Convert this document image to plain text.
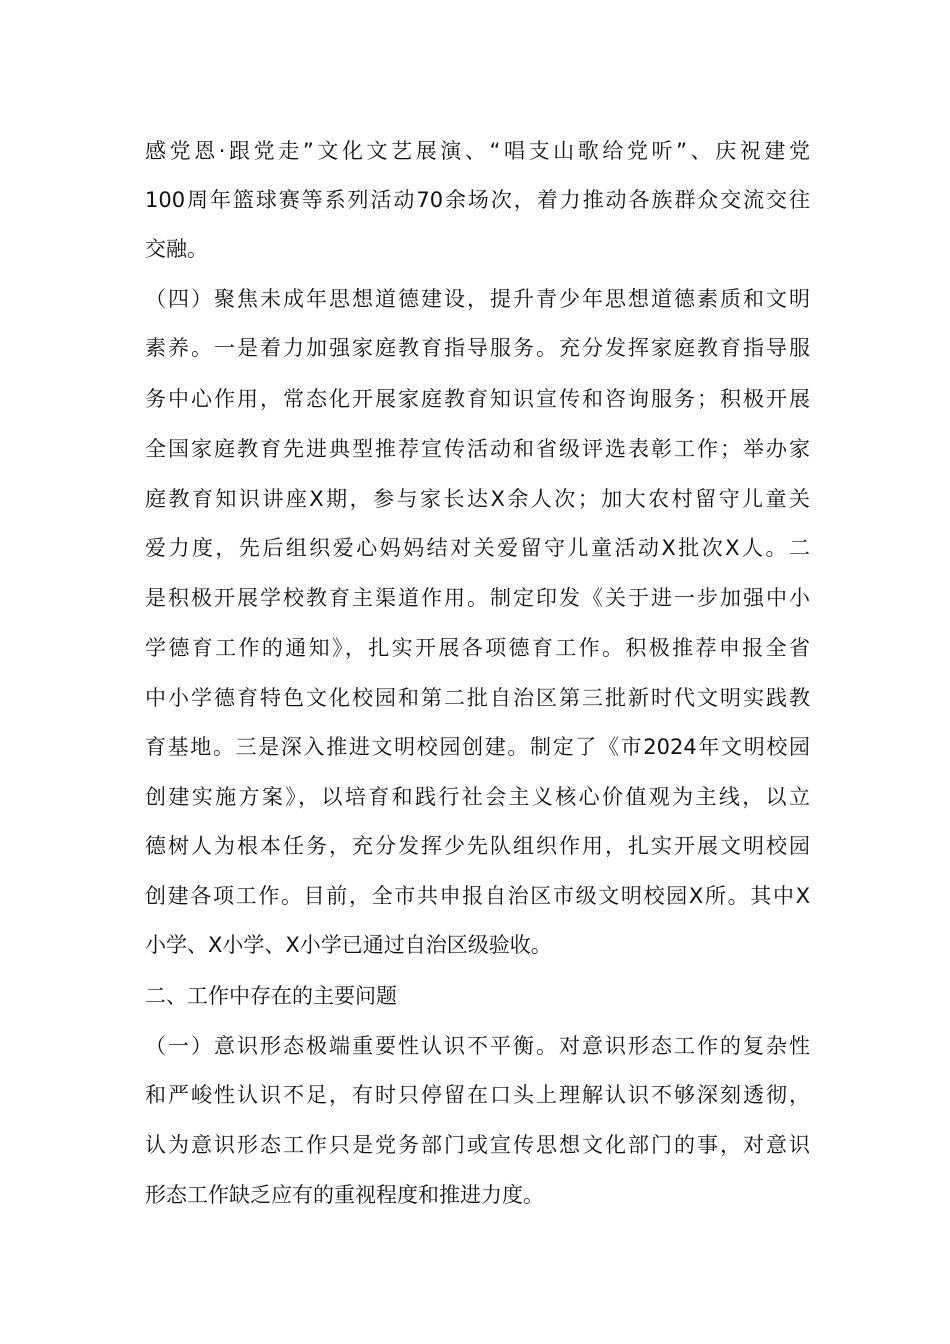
感党恩·跟党走”文化文艺展演、“唱支山歌给党听”、庆祝建党
100周年篮球赛等系列活动70余场次，着力推动各族群众交流交往
交融。
（四）聚焦未成年思想道德建设，提升青少年思想道德素质和文明
素养。一是着力加强家庭教育指导服务。充分发挥家庭教育指导服
务中心作用，常态化开展家庭教育知识宣传和咨询服务；积极开展
全国家庭教育先进典型推荐宣传活动和省级评选表彰工作；举办家
庭教育知识讲座X期，参与家长达X余人次；加大农村留守儿童关
爱力度，先后组织爱心妈妈结对关爱留守儿童活动X批次X人。二
是积极开展学校教育主渠道作用。制定印发《关于进一步加强中小
学德育工作的通知》，扎实开展各项德育工作。积极推荐申报全省
中小学德育特色文化校园和第二批自治区第三批新时代文明实践教
育基地。三是深入推进文明校园创建。制定了《市2024年文明校园
创建实施方案》，以培育和践行社会主义核心价值观为主线，以立
德树人为根本任务，充分发挥少先队组织作用，扎实开展文明校园
创建各项工作。目前，全市共申报自治区市级文明校园X所。其中X
小学、X小学、X小学已通过自治区级验收。
二、工作中存在的主要问题
（一）意识形态极端重要性认识不平衡。对意识形态工作的复杂性
和严峻性认识不足，有时只停留在口头上理解认识不够深刻透彻，
认为意识形态工作只是党务部门或宣传思想文化部门的事，对意识
形态工作缺乏应有的重视程度和推进力度。
